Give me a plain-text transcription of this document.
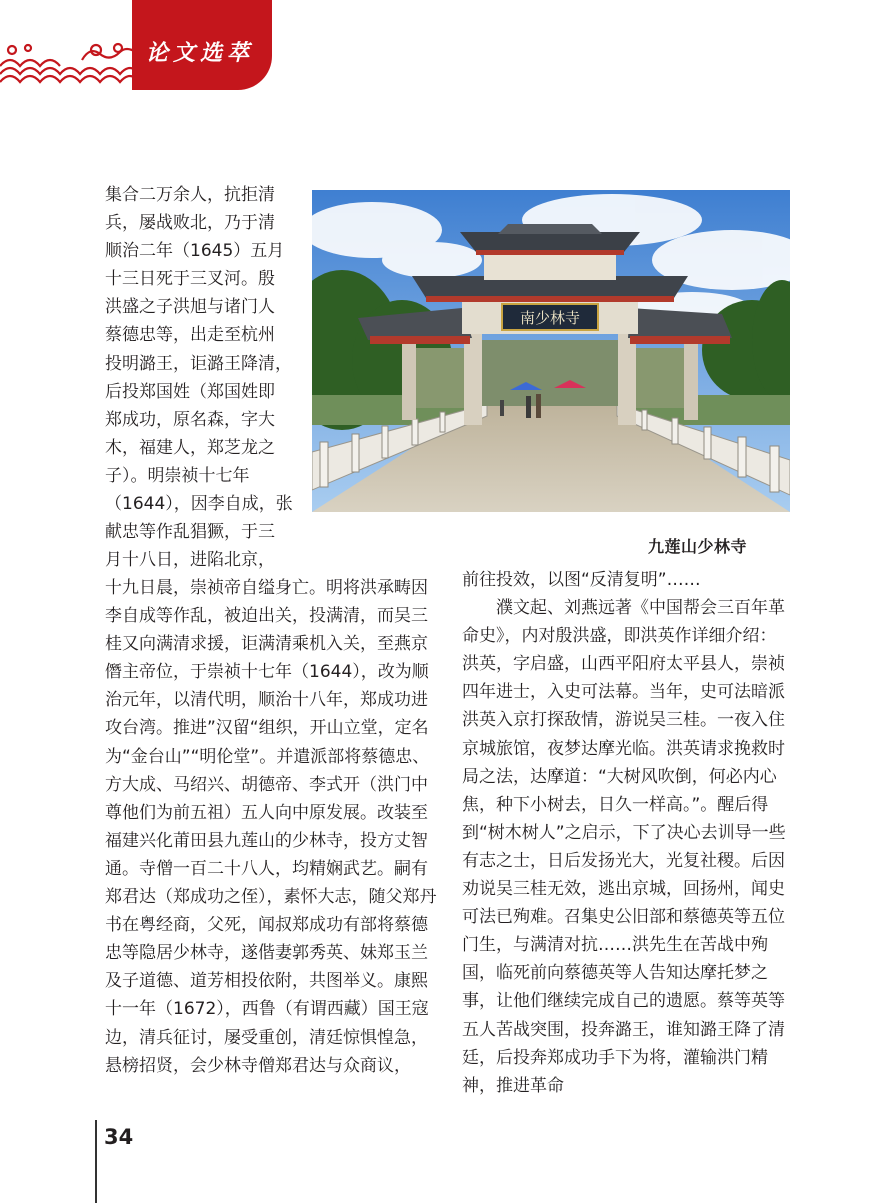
论文选萃

集合二万余人，抗拒清

兵，屡战败北，乃于清

顺治二年（1645）五月

十三日死于三叉河。殷

洪盛之子洪旭与诸门人

蔡德忠等，出走至杭州

投明潞王，讵潞王降清，

后投郑国姓（郑国姓即

郑成功，原名森，字大

木，福建人，郑芝龙之

子）。明崇祯十七年

（1644），因李自成，张

献忠等作乱猖獗，于三

月十八日，进陷北京，

南少林寺
九莲山少林寺

十九日晨，崇祯帝自缢身亡。明将洪承畴因李自成等作乱，被迫出关，投满清，而吴三桂又向满清求援，讵满清乘机入关，至燕京僭主帝位，于崇祯十七年（1644），改为顺治元年，以清代明，顺治十八年，郑成功进攻台湾。推进”汉留“组织，开山立堂，定名为“金台山”“明伦堂”。并遣派部将蔡德忠、方大成、马绍兴、胡德帝、李式开（洪门中尊他们为前五祖）五人向中原发展。改装至福建兴化莆田县九莲山的少林寺，投方丈智通。寺僧一百二十八人，均精娴武艺。嗣有郑君达（郑成功之侄），素怀大志，随父郑丹书在粤经商，父死，闻叔郑成功有部将蔡德忠等隐居少林寺，遂偕妻郭秀英、妹郑玉兰及子道德、道芳相投依附，共图举义。康熙十一年（1672），西鲁（有谓西藏）国王寇边，清兵征讨，屡受重创，清廷惊惧惶急，悬榜招贤，会少林寺僧郑君达与众商议，

前往投效，以图“反清复明”……

濮文起、刘燕远著《中国帮会三百年革命史》，内对殷洪盛，即洪英作详细介绍：洪英，字启盛，山西平阳府太平县人，崇祯四年进士，入史可法幕。当年，史可法暗派洪英入京打探敌情，游说吴三桂。一夜入住京城旅馆，夜梦达摩光临。洪英请求挽救时局之法，达摩道：“大树风吹倒，何必内心焦，种下小树去，日久一样高。”。醒后得到“树木树人”之启示，下了决心去训导一些有志之士，日后发扬光大，光复社稷。后因劝说吴三桂无效，逃出京城，回扬州，闻史可法已殉难。召集史公旧部和蔡德英等五位门生，与满清对抗……洪先生在苦战中殉国，临死前向蔡德英等人告知达摩托梦之事，让他们继续完成自己的遗愿。蔡等英等五人苦战突围，投奔潞王，谁知潞王降了清廷，后投奔郑成功手下为将，灌输洪门精神，推进革命

34
